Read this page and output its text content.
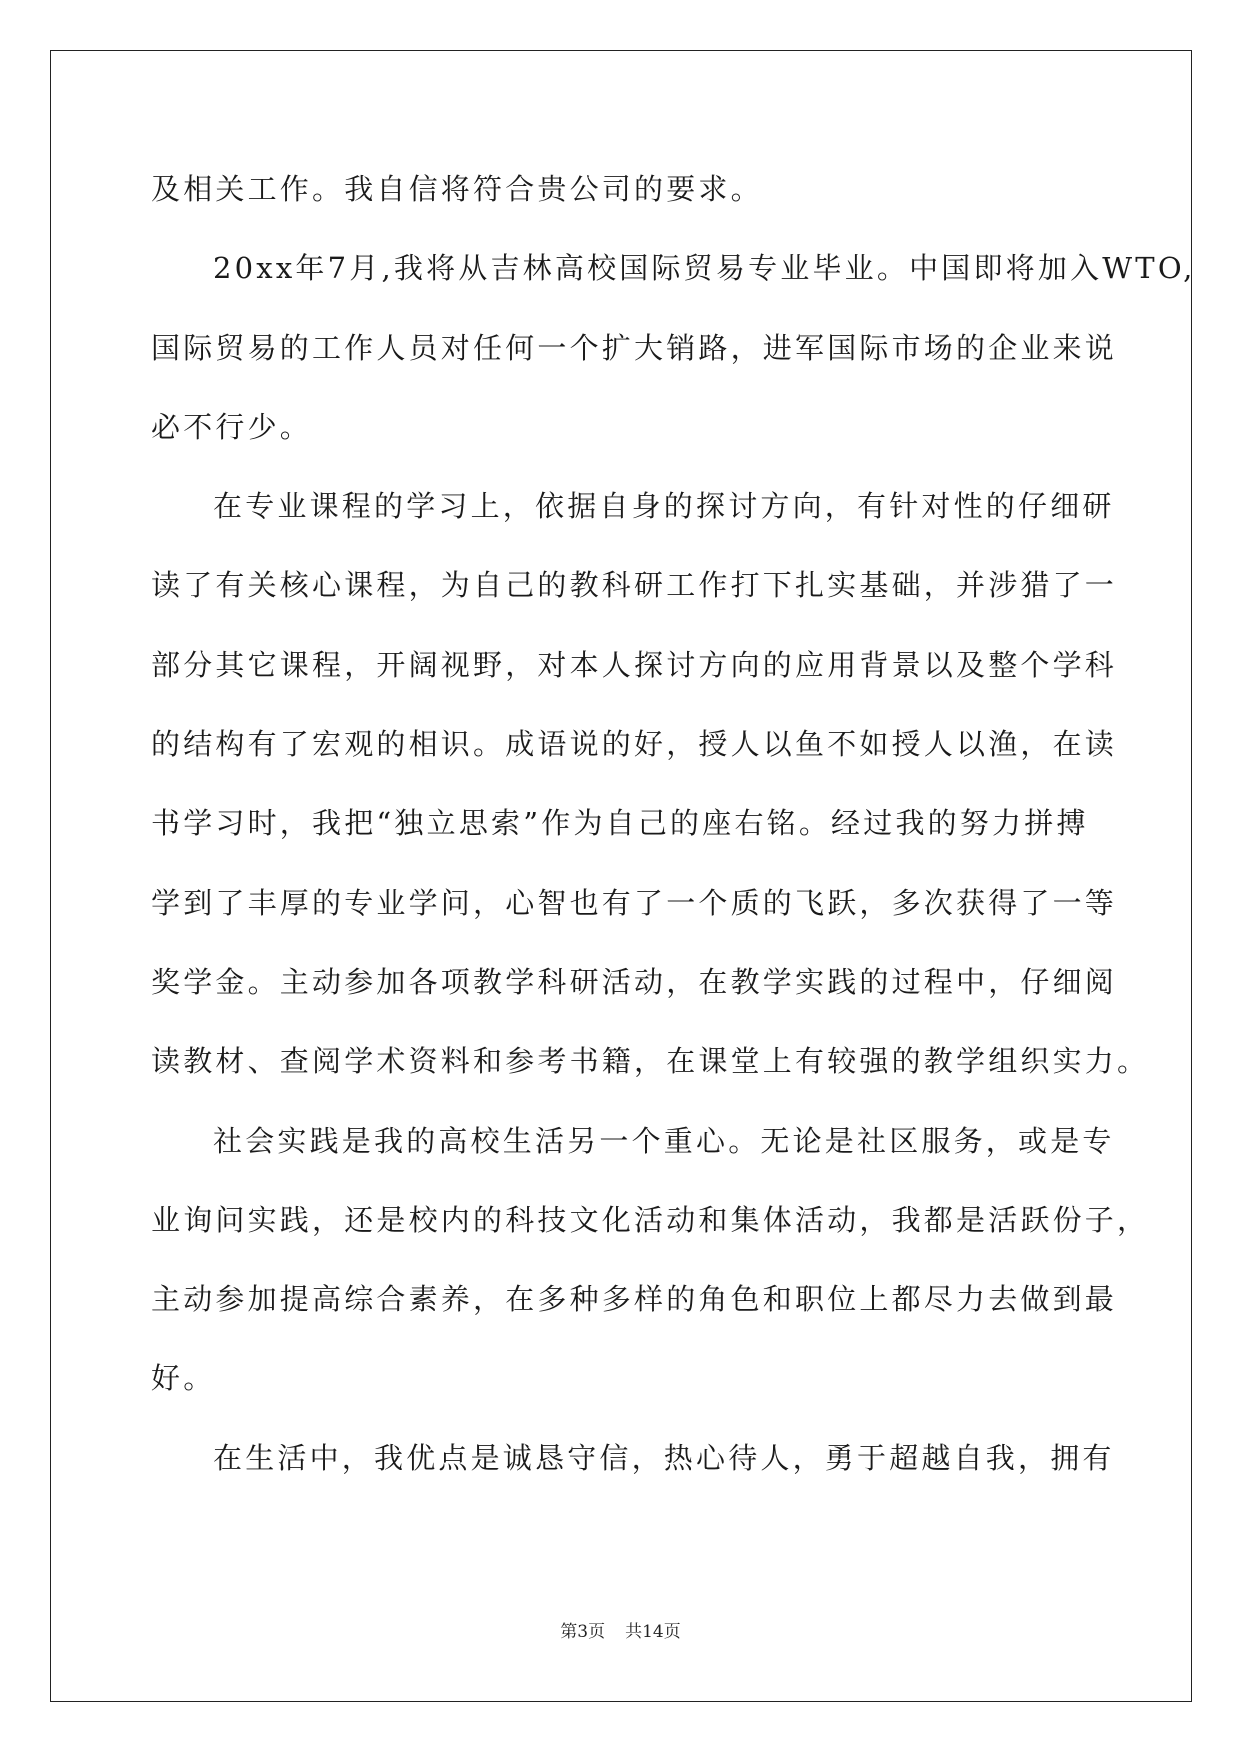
及相关工作。我自信将符合贵公司的要求。
20xx年7月,我将从吉林高校国际贸易专业毕业。中国即将加入WTO,
国际贸易的工作人员对任何一个扩大销路，进军国际市场的企业来说
必不行少。
在专业课程的学习上，依据自身的探讨方向，有针对性的仔细研
读了有关核心课程，为自己的教科研工作打下扎实基础，并涉猎了一
部分其它课程，开阔视野，对本人探讨方向的应用背景以及整个学科
的结构有了宏观的相识。成语说的好，授人以鱼不如授人以渔，在读
书学习时，我把“独立思索”作为自己的座右铭。经过我的努力拼搏
学到了丰厚的专业学问，心智也有了一个质的飞跃，多次获得了一等
奖学金。主动参加各项教学科研活动，在教学实践的过程中，仔细阅
读教材、查阅学术资料和参考书籍，在课堂上有较强的教学组织实力。
社会实践是我的高校生活另一个重心。无论是社区服务，或是专
业询问实践，还是校内的科技文化活动和集体活动，我都是活跃份子，
主动参加提高综合素养，在多种多样的角色和职位上都尽力去做到最
好。
在生活中，我优点是诚恳守信，热心待人，勇于超越自我，拥有
第3页 共14页
